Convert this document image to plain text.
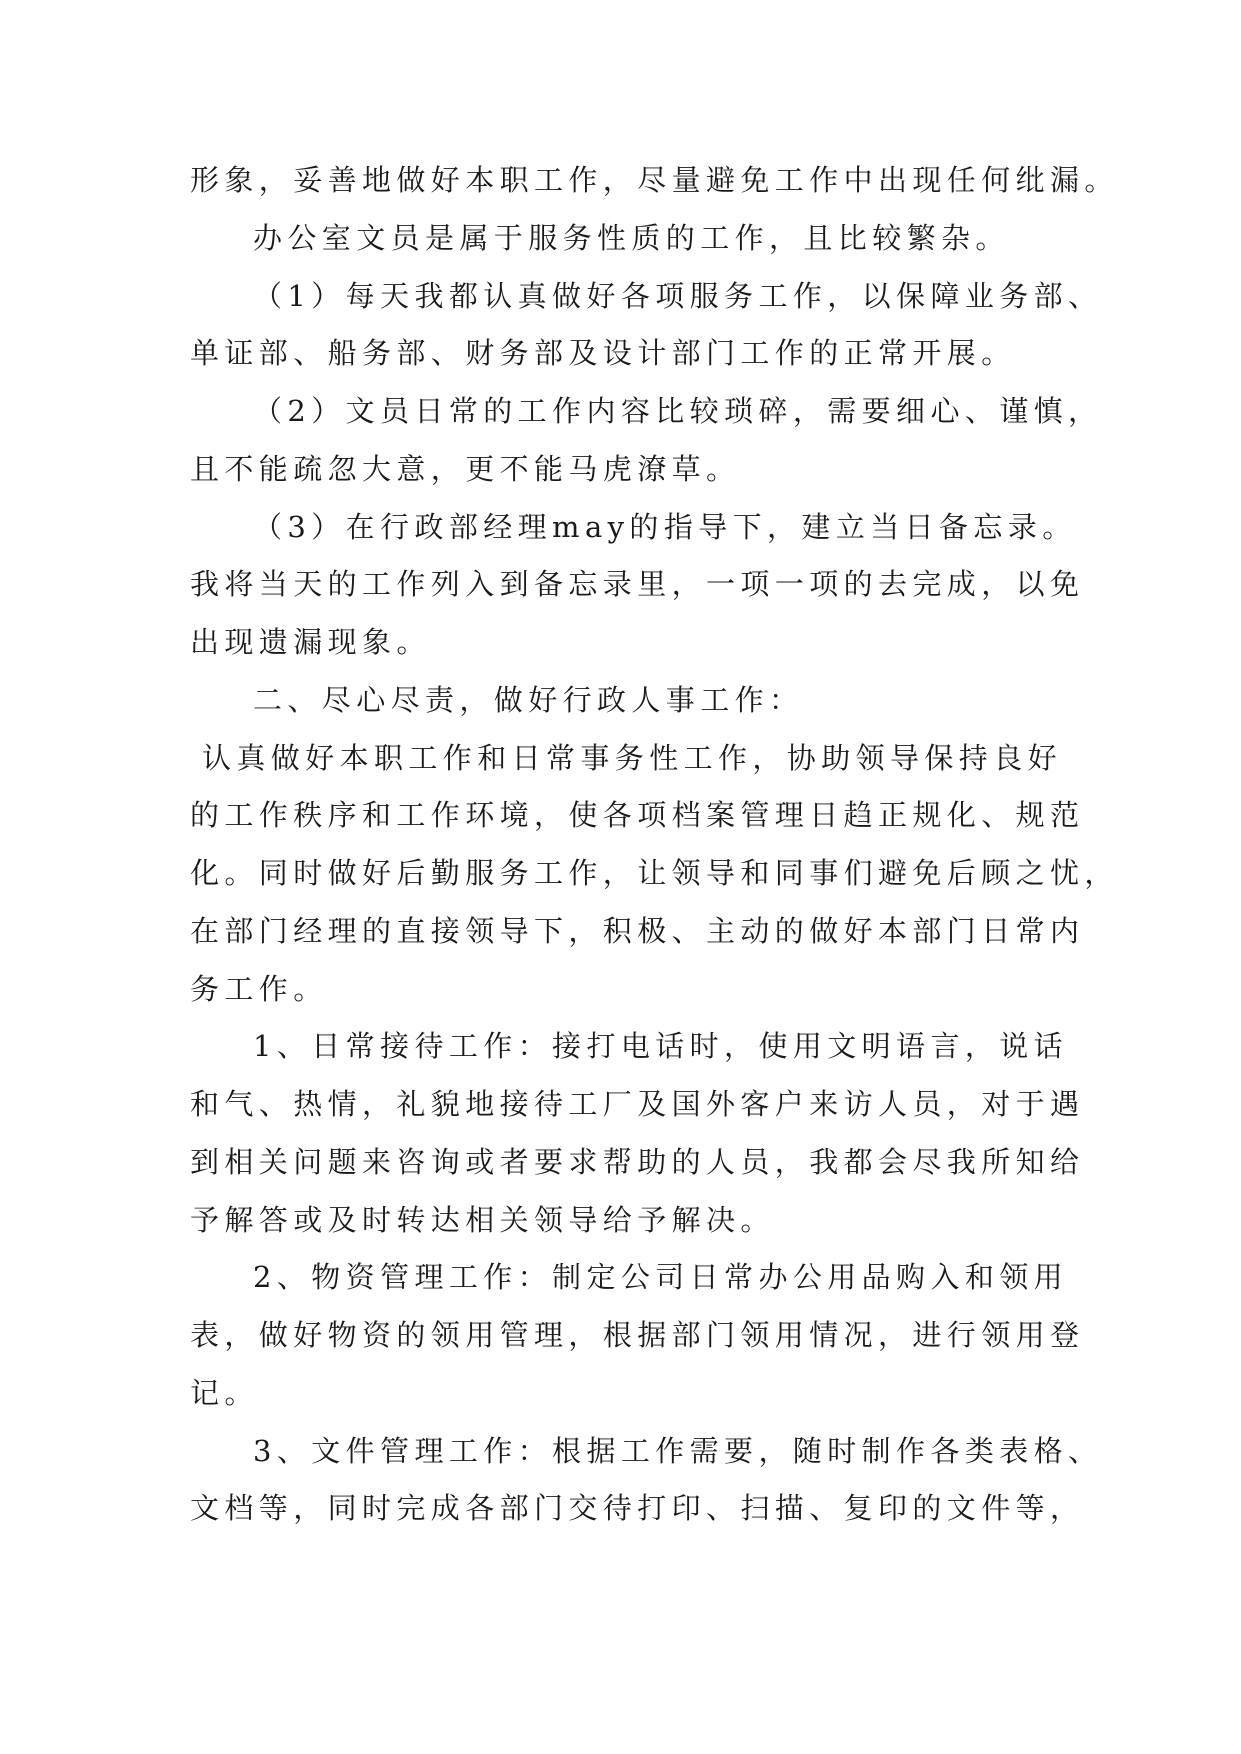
形象，妥善地做好本职工作，尽量避免工作中出现任何纰漏。
办公室文员是属于服务性质的工作，且比较繁杂。
（1）每天我都认真做好各项服务工作，以保障业务部、
单证部、船务部、财务部及设计部门工作的正常开展。
（2）文员日常的工作内容比较琐碎，需要细心、谨慎，
且不能疏忽大意，更不能马虎潦草。
（3）在行政部经理may的指导下，建立当日备忘录。
我将当天的工作列入到备忘录里，一项一项的去完成，以免
出现遗漏现象。
二、尽心尽责，做好行政人事工作：
认真做好本职工作和日常事务性工作，协助领导保持良好
的工作秩序和工作环境，使各项档案管理日趋正规化、规范
化。同时做好后勤服务工作，让领导和同事们避免后顾之忧，
在部门经理的直接领导下，积极、主动的做好本部门日常内
务工作。
1、日常接待工作：接打电话时，使用文明语言，说话
和气、热情，礼貌地接待工厂及国外客户来访人员，对于遇
到相关问题来咨询或者要求帮助的人员，我都会尽我所知给
予解答或及时转达相关领导给予解决。
2、物资管理工作：制定公司日常办公用品购入和领用
表，做好物资的领用管理，根据部门领用情况，进行领用登
记。
3、文件管理工作：根据工作需要，随时制作各类表格、
文档等，同时完成各部门交待打印、扫描、复印的文件等，
